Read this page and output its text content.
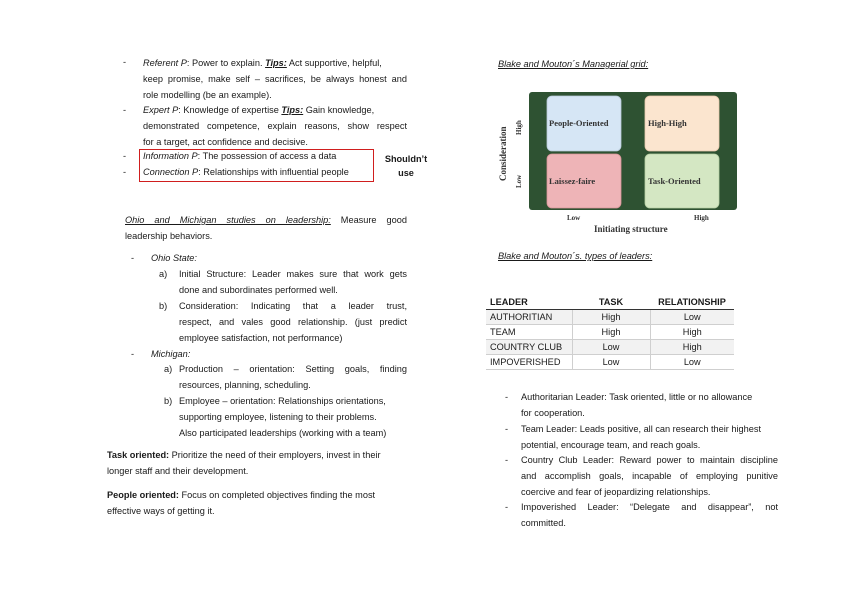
- Referent P: Power to explain. Tips: Act supportive, helpful,
keep promise, make self – sacrifices, be always honest and
role modelling (be an example).
- Expert P: Knowledge of expertise Tips: Gain knowledge,
demonstrated competence, explain reasons, show respect
for a target, act confidence and decisive.
- Information P: The possession of access a data
- Connection P: Relationships with influential people
Shouldn’t use
Ohio and Michigan studies on leadership: Measure good
leadership behaviors.
- Ohio State:
a) Initial Structure: Leader makes sure that work gets
done and subordinates performed well.
b) Consideration: Indicating that a leader trust,
respect, and vales good relationship. (just predict
employee satisfaction, not performance)
- Michigan:
a) Production – orientation: Setting goals, finding
resources, planning, scheduling.
b) Employee – orientation: Relationships orientations,
supporting employee, listening to their problems.
Also participated leaderships (working with a team)
Task oriented: Prioritize the need of their employers, invest in their
longer staff and their development.
People oriented: Focus on completed objectives finding the most
effective ways of getting it.
Blake and Mouton´s Managerial grid:
People-Oriented	High-High
Laissez-faire	Task-Oriented
Consideration High
Low
Low	High
Initiating structure
Blake and Mouton´s. types of leaders:
LEADER	TASK	RELATIONSHIP
AUTHORITIAN	High	Low
TEAM	High	High
COUNTRY CLUB	Low	High
IMPOVERISHED	Low	Low
- Authoritarian Leader: Task oriented, little or no allowance
for cooperation.
- Team Leader: Leads positive, all can research their highest
potential, encourage team, and reach goals.
- Country Club Leader: Reward power to maintain discipline
and accomplish goals, incapable of employing punitive
coercive and fear of jeopardizing relationships.
- Impoverished Leader: “Delegate and disappear”, not
committed.
